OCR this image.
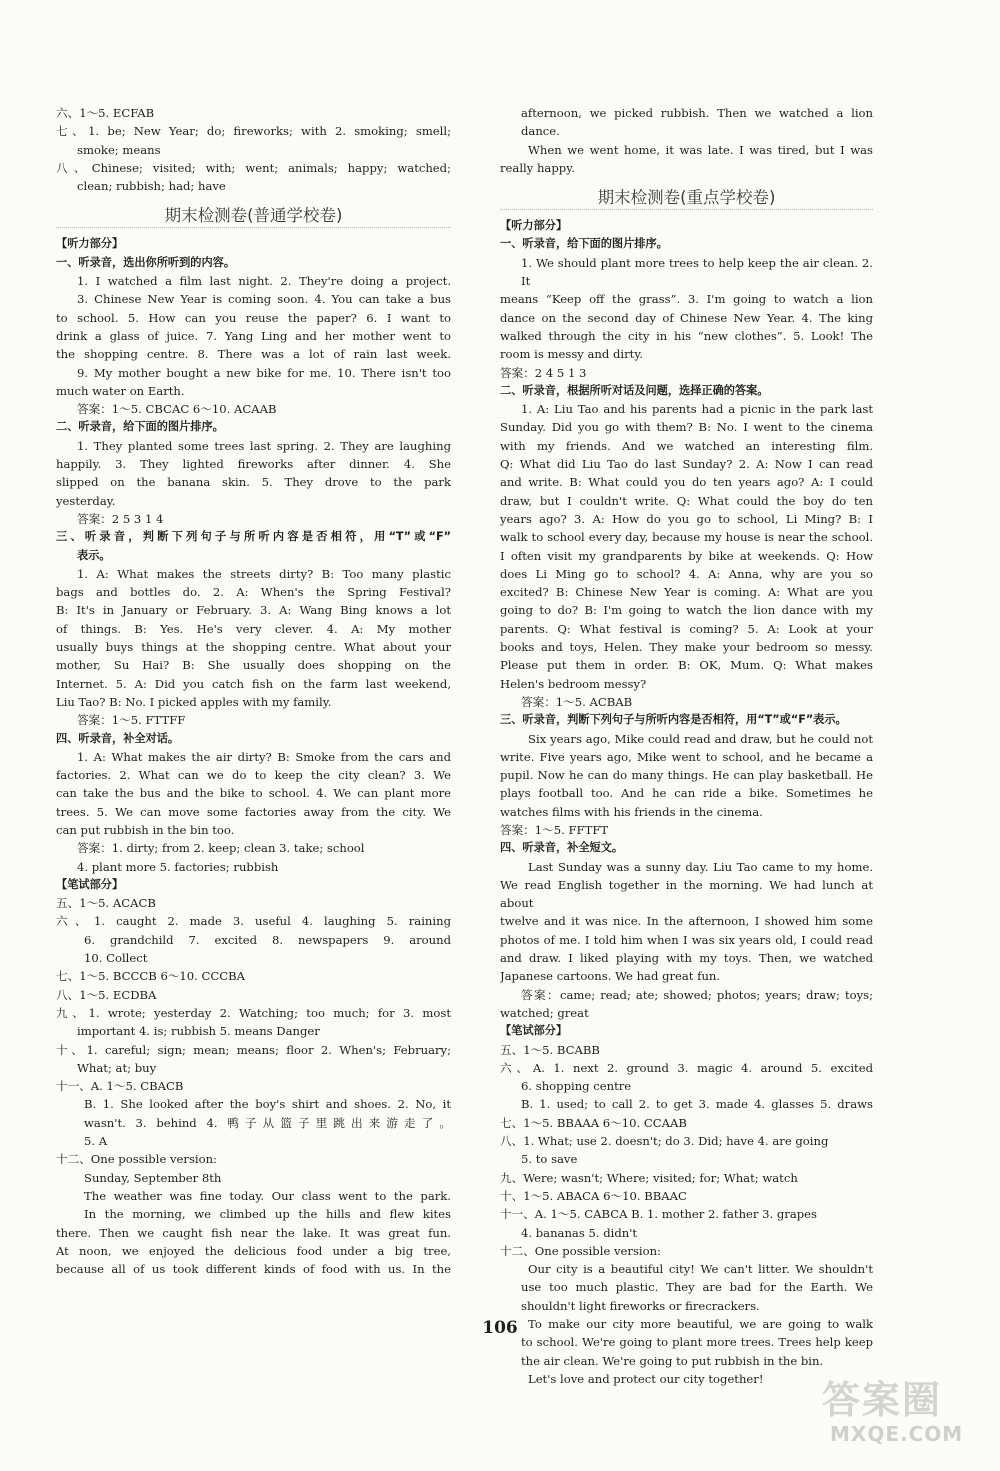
六、1～5. ECFAB
七、1. be; New Year; do; fireworks; with 2. smoking; smell;
smoke; means
八、Chinese; visited; with; went; animals; happy; watched;
clean; rubbish; had; have
期末检测卷(普通学校卷)
【听力部分】
一、听录音，选出你所听到的内容。
1. I watched a film last night. 2. They're doing a project.
3. Chinese New Year is coming soon. 4. You can take a bus
to school. 5. How can you reuse the paper? 6. I want to
drink a glass of juice. 7. Yang Ling and her mother went to
the shopping centre. 8. There was a lot of rain last week.
9. My mother bought a new bike for me. 10. There isn't too
much water on Earth.
答案：1～5. CBCAC 6～10. ACAAB
二、听录音，给下面的图片排序。
1. They planted some trees last spring. 2. They are laughing
happily. 3. They lighted fireworks after dinner. 4. She
slipped on the banana skin. 5. They drove to the park
yesterday.
答案：2 5 3 1 4
三、听录音，判断下列句子与所听内容是否相符，用“T”或“F”
表示。
1. A: What makes the streets dirty? B: Too many plastic
bags and bottles do. 2. A: When's the Spring Festival?
B: It's in January or February. 3. A: Wang Bing knows a lot
of things. B: Yes. He's very clever. 4. A: My mother
usually buys things at the shopping centre. What about your
mother, Su Hai? B: She usually does shopping on the
Internet. 5. A: Did you catch fish on the farm last weekend,
Liu Tao? B: No. I picked apples with my family.
答案：1～5. FTTFF
四、听录音，补全对话。
1. A: What makes the air dirty? B: Smoke from the cars and
factories. 2. What can we do to keep the city clean? 3. We
can take the bus and the bike to school. 4. We can plant more
trees. 5. We can move some factories away from the city. We
can put rubbish in the bin too.
答案：1. dirty; from 2. keep; clean 3. take; school
4. plant more 5. factories; rubbish
【笔试部分】
五、1～5. ACACB
六、1. caught 2. made 3. useful 4. laughing 5. raining
6. grandchild 7. excited 8. newspapers 9. around
10. Collect
七、1～5. BCCCB 6～10. CCCBA
八、1～5. ECDBA
九、1. wrote; yesterday 2. Watching; too much; for 3. most
important 4. is; rubbish 5. means Danger
十、1. careful; sign; mean; means; floor 2. When's; February;
What; at; buy
十一、A. 1～5. CBACB
B. 1. She looked after the boy's shirt and shoes. 2. No, it
wasn't. 3. behind 4. 鸭子从篮子里跳出来游走了。
5. A
十二、One possible version:
Sunday, September 8th
The weather was fine today. Our class went to the park.
In the morning, we climbed up the hills and flew kites
there. Then we caught fish near the lake. It was great fun.
At noon, we enjoyed the delicious food under a big tree,
because all of us took different kinds of food with us. In the
afternoon, we picked rubbish. Then we watched a lion
dance.
When we went home, it was late. I was tired, but I was
really happy.
期末检测卷(重点学校卷)
【听力部分】
一、听录音，给下面的图片排序。
1. We should plant more trees to help keep the air clean. 2. It
means “Keep off the grass”. 3. I'm going to watch a lion
dance on the second day of Chinese New Year. 4. The king
walked through the city in his “new clothes”. 5. Look! The
room is messy and dirty.
答案：2 4 5 1 3
二、听录音，根据所听对话及问题，选择正确的答案。
1. A: Liu Tao and his parents had a picnic in the park last
Sunday. Did you go with them? B: No. I went to the cinema
with my friends. And we watched an interesting film.
Q: What did Liu Tao do last Sunday? 2. A: Now I can read
and write. B: What could you do ten years ago? A: I could
draw, but I couldn't write. Q: What could the boy do ten
years ago? 3. A: How do you go to school, Li Ming? B: I
walk to school every day, because my house is near the school.
I often visit my grandparents by bike at weekends. Q: How
does Li Ming go to school? 4. A: Anna, why are you so
excited? B: Chinese New Year is coming. A: What are you
going to do? B: I'm going to watch the lion dance with my
parents. Q: What festival is coming? 5. A: Look at your
books and toys, Helen. They make your bedroom so messy.
Please put them in order. B: OK, Mum. Q: What makes
Helen's bedroom messy?
答案：1～5. ACBAB
三、听录音，判断下列句子与所听内容是否相符，用“T”或“F”表示。
Six years ago, Mike could read and draw, but he could not
write. Five years ago, Mike went to school, and he became a
pupil. Now he can do many things. He can play basketball. He
plays football too. And he can ride a bike. Sometimes he
watches films with his friends in the cinema.
答案：1～5. FFTFT
四、听录音，补全短文。
Last Sunday was a sunny day. Liu Tao came to my home.
We read English together in the morning. We had lunch at about
twelve and it was nice. In the afternoon, I showed him some
photos of me. I told him when I was six years old, I could read
and draw. I liked playing with my toys. Then, we watched
Japanese cartoons. We had great fun.
答案：came; read; ate; showed; photos; years; draw; toys;
watched; great
【笔试部分】
五、1～5. BCABB
六、A. 1. next 2. ground 3. magic 4. around 5. excited
6. shopping centre
B. 1. used; to call 2. to get 3. made 4. glasses 5. draws
七、1～5. BBAAA 6～10. CCAAB
八、1. What; use 2. doesn't; do 3. Did; have 4. are going
5. to save
九、Were; wasn't; Where; visited; for; What; watch
十、1～5. ABACA 6～10. BBAAC
十一、A. 1～5. CABCA B. 1. mother 2. father 3. grapes
4. bananas 5. didn't
十二、One possible version:
Our city is a beautiful city! We can't litter. We shouldn't
use too much plastic. They are bad for the Earth. We
shouldn't light fireworks or firecrackers.
To make our city more beautiful, we are going to walk
to school. We're going to plant more trees. Trees help keep
the air clean. We're going to put rubbish in the bin.
Let's love and protect our city together!
106
答案圈
MXQE.COM
